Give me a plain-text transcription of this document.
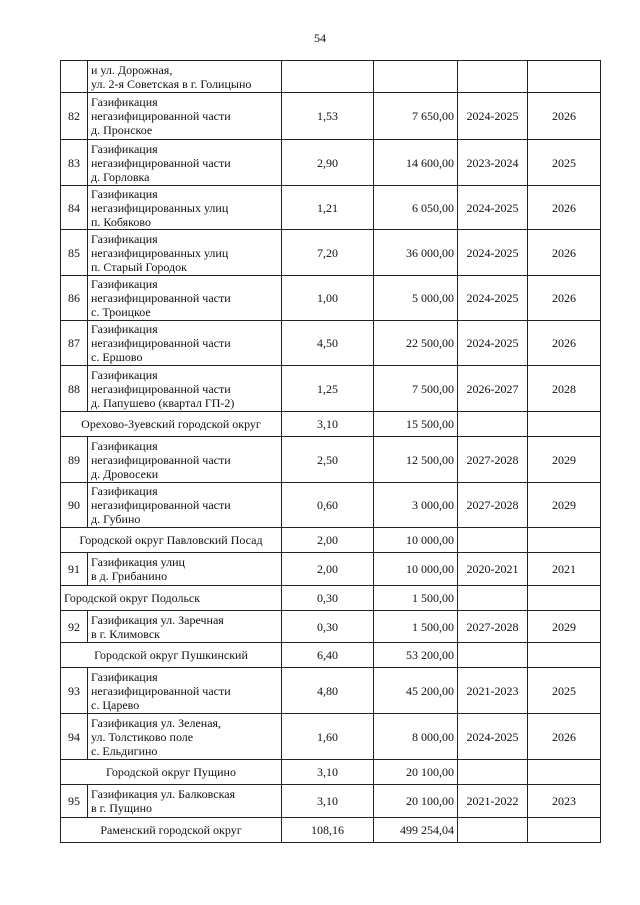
54
	и ул. Дорожная,
ул. 2-я Советская в г. Голицыно				
82	Газификация
негазифицированной части
д. Пронское	1,53	7 650,00	2024-2025	2026
83	Газификация
негазифицированной части
д. Горловка	2,90	14 600,00	2023-2024	2025
84	Газификация
негазифицированных улиц
п. Кобяково	1,21	6 050,00	2024-2025	2026
85	Газификация
негазифицированных улиц
п. Старый Городок	7,20	36 000,00	2024-2025	2026
86	Газификация
негазифицированной части
с. Троицкое	1,00	5 000,00	2024-2025	2026
87	Газификация
негазифицированной части
с. Ершово	4,50	22 500,00	2024-2025	2026
88	Газификация
негазифицированной части
д. Папушево (квартал ГП-2)	1,25	7 500,00	2026-2027	2028
Орехово-Зуевский городской округ		3,10	15 500,00		
89	Газификация
негазифицированной части
д. Дровосеки	2,50	12 500,00	2027-2028	2029
90	Газификация
негазифицированной части
д. Губино	0,60	3 000,00	2027-2028	2029
Городской округ Павловский Посад		2,00	10 000,00		
91	Газификация улиц
в д. Грибанино	2,00	10 000,00	2020-2021	2021
Городской округ Подольск		0,30	1 500,00		
92	Газификация ул. Заречная
в г. Климовск	0,30	1 500,00	2027-2028	2029
Городской округ Пушкинский		6,40	53 200,00		
93	Газификация
негазифицированной части
с. Царево	4,80	45 200,00	2021-2023	2025
94	Газификация ул. Зеленая,
ул. Толстиково поле
с. Ельдигино	1,60	8 000,00	2024-2025	2026
Городской округ Пущино		3,10	20 100,00		
95	Газификация ул. Балковская
в г. Пущино	3,10	20 100,00	2021-2022	2023
Раменский городской округ		108,16	499 254,04		
